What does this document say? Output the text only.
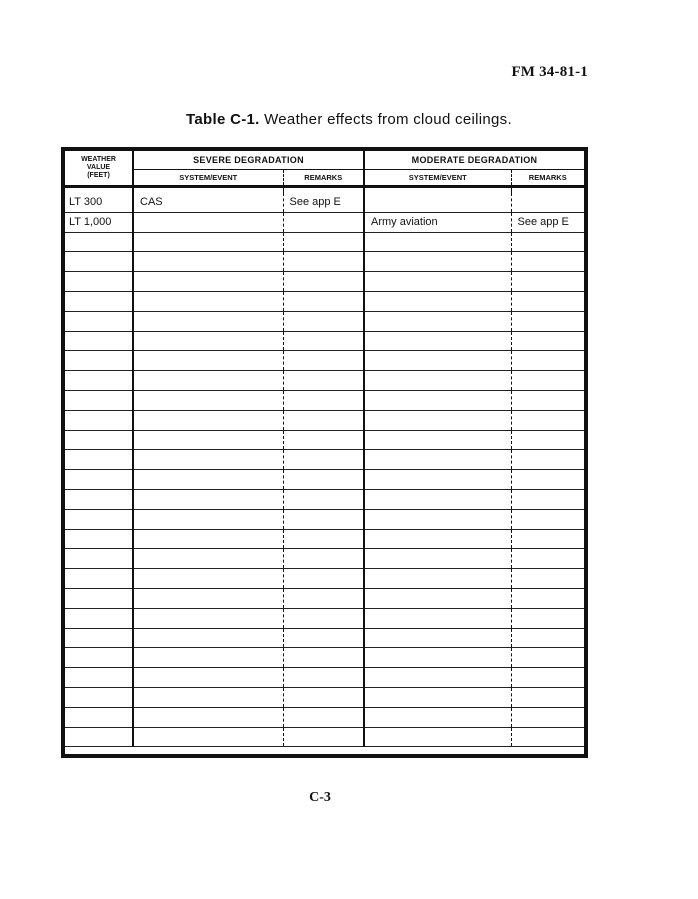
FM 34-81-1
Table C-1. Weather effects from cloud ceilings.
WEATHER
VALUE
(FEET)	SEVERE DEGRADATION		MODERATE DEGRADATION	
	SYSTEM/EVENT	REMARKS	SYSTEM/EVENT	REMARKS

LT 300	CAS	See app E		
LT 1,000			Army aviation	See app E

C-3
